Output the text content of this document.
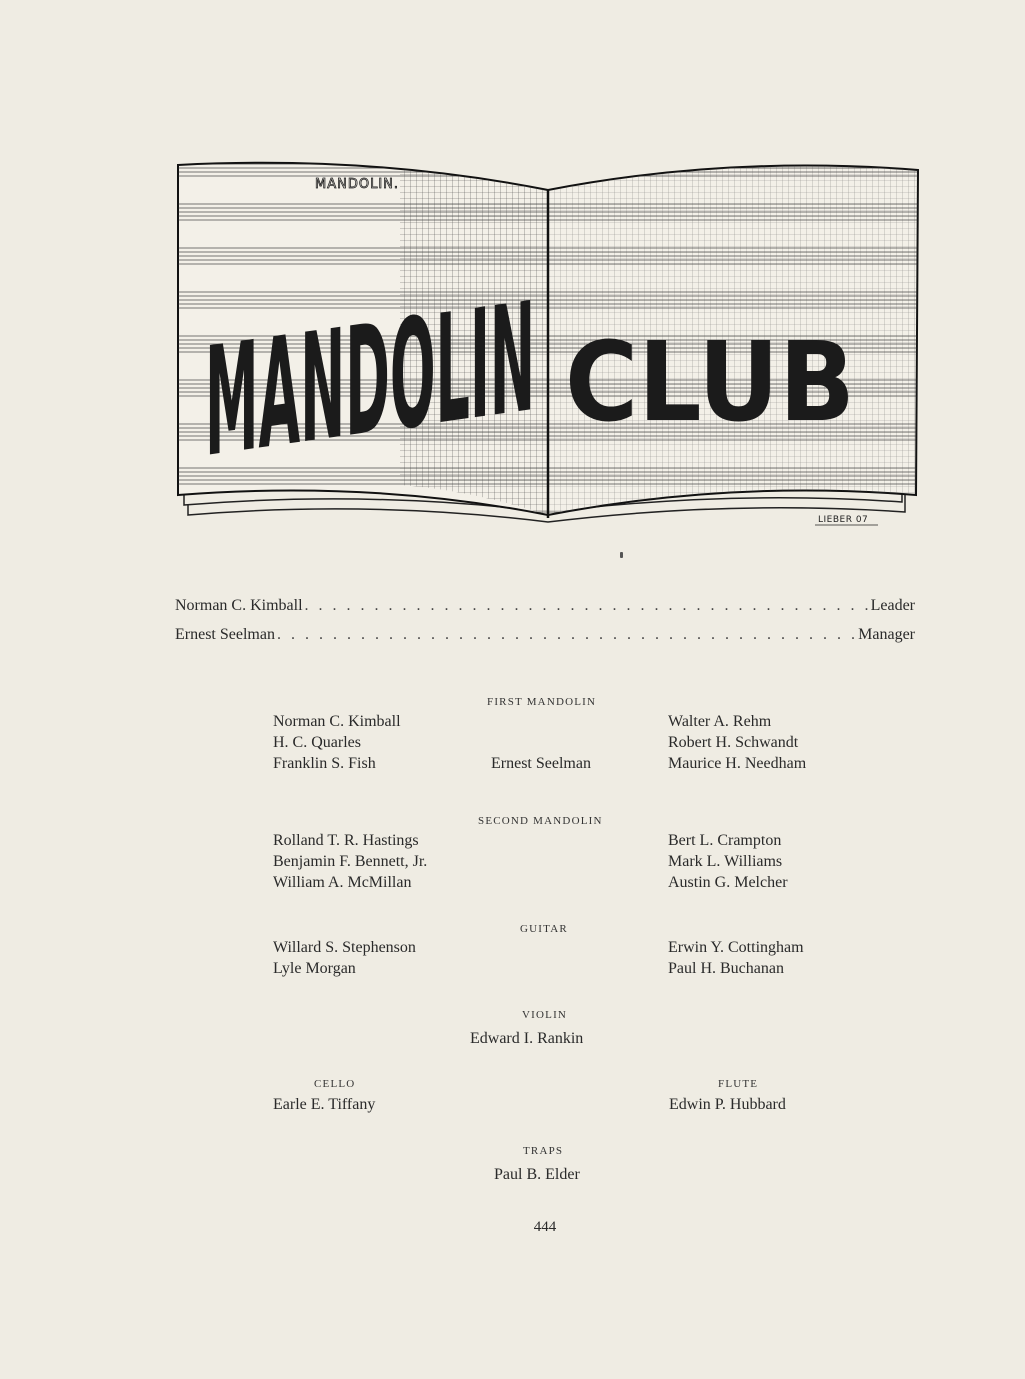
MANDOLIN.
CLUB
LIEBER 07
Norman C. Kimball . . .	Leader
Ernest Seelman . . .	Manager
FIRST MANDOLIN
Norman C. Kimball
H. C. Quarles
Franklin S. Fish	Ernest Seelman
Walter A. Rehm
Robert H. Schwandt
Maurice H. Needham
SECOND MANDOLIN
Rolland T. R. Hastings
Benjamin F. Bennett, Jr.
William A. McMillan
Bert L. Crampton
Mark L. Williams
Austin G. Melcher
GUITAR
Willard S. Stephenson
Lyle Morgan
Erwin Y. Cottingham
Paul H. Buchanan
VIOLIN
Edward I. Rankin
CELLO
Earle E. Tiffany
FLUTE
Edwin P. Hubbard
TRAPS
Paul B. Elder
444
